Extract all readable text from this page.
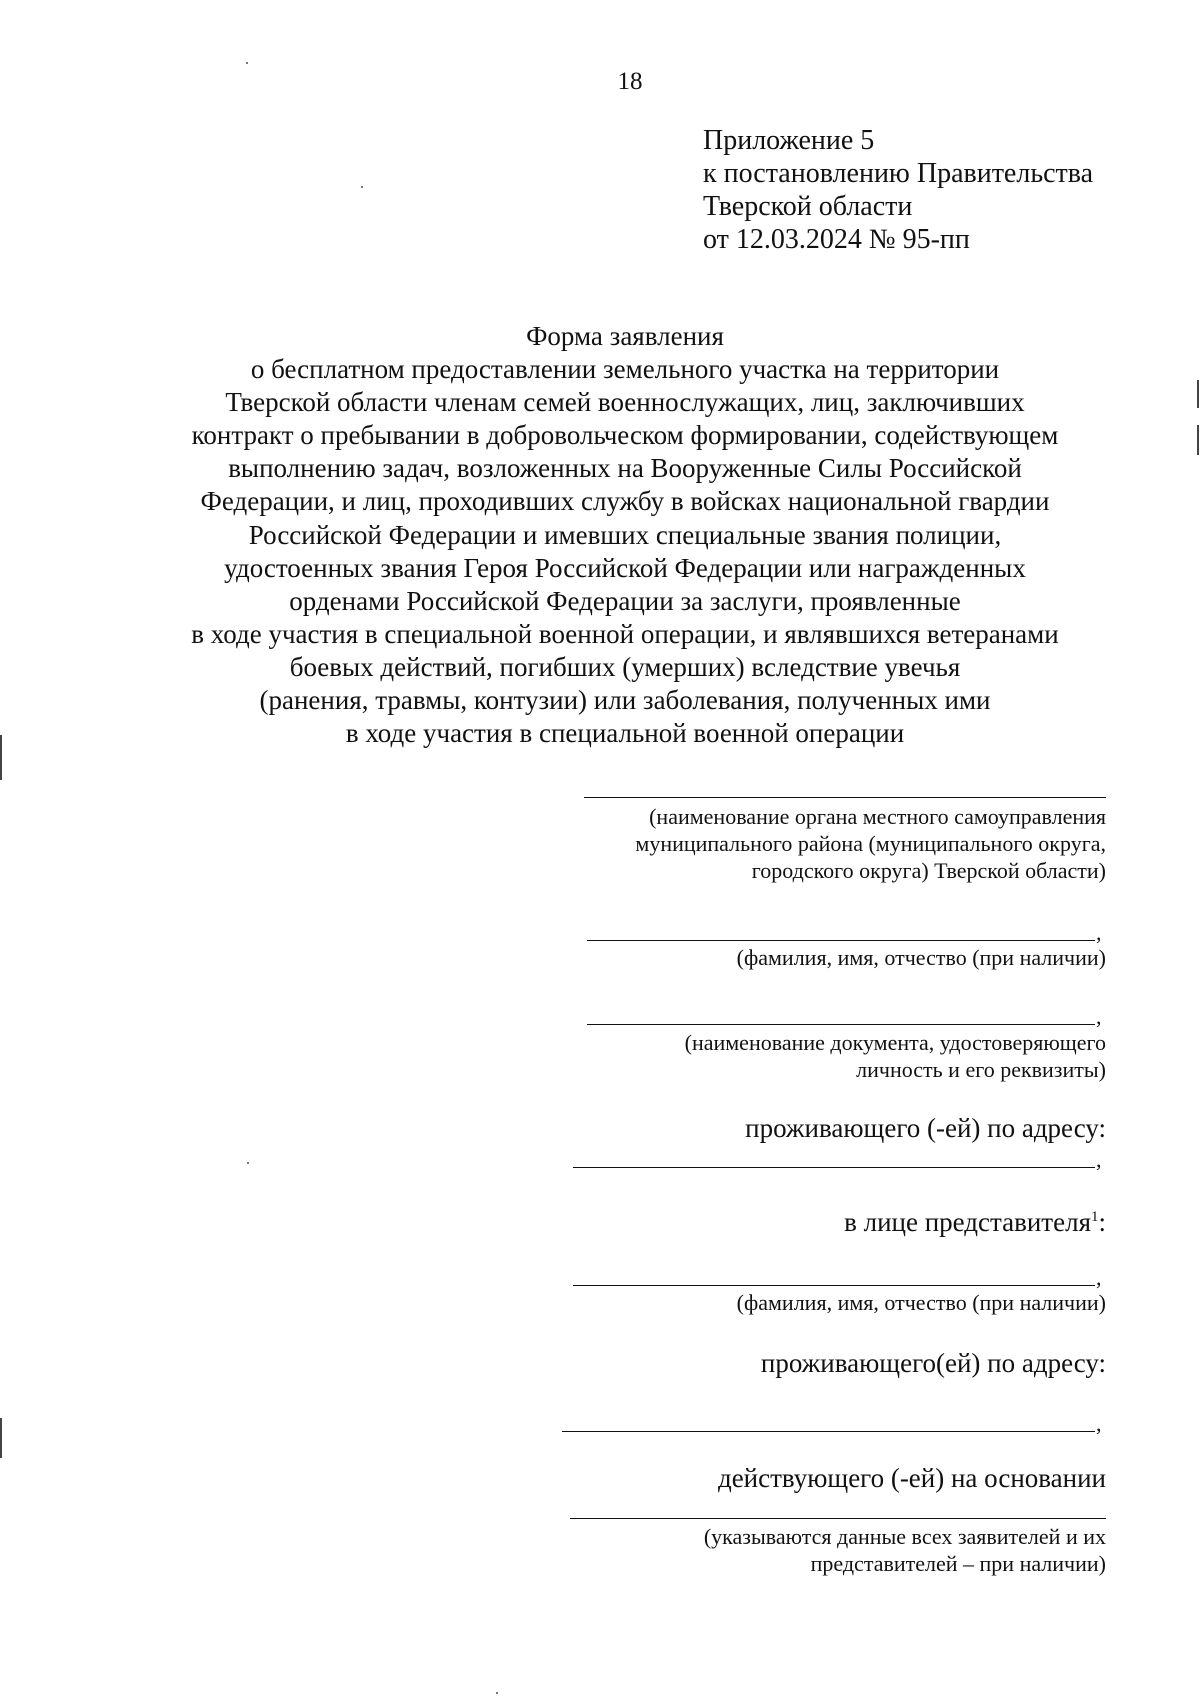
18
Приложение 5
к постановлению Правительства
Тверской области
от 12.03.2024 № 95-пп
Форма заявления
о бесплатном предоставлении земельного участка на территории
Тверской области членам семей военнослужащих, лиц, заключивших
контракт о пребывании в добровольческом формировании, содействующем
выполнению задач, возложенных на Вооруженные Силы Российской
Федерации, и лиц, проходивших службу в войсках национальной гвардии
Российской Федерации и имевших специальные звания полиции,
удостоенных звания Героя Российской Федерации или награжденных
орденами Российской Федерации за заслуги, проявленные
в ходе участия в специальной военной операции, и являвшихся ветеранами
боевых действий, погибших (умерших) вследствие увечья
(ранения, травмы, контузии) или заболевания, полученных ими
в ходе участия в специальной военной операции
(наименование органа местного самоуправления
муниципального района (муниципального округа,
городского округа) Тверской области)
,
(фамилия, имя, отчество (при наличии)
,
(наименование документа, удостоверяющего
личность и его реквизиты)
проживающего (-ей) по адресу:
,
в лице представителя$^1$:
,
(фамилия, имя, отчество (при наличии)
проживающего(ей) по адресу:
,
действующего (-ей) на основании
(указываются данные всех заявителей и их
представителей – при наличии)
